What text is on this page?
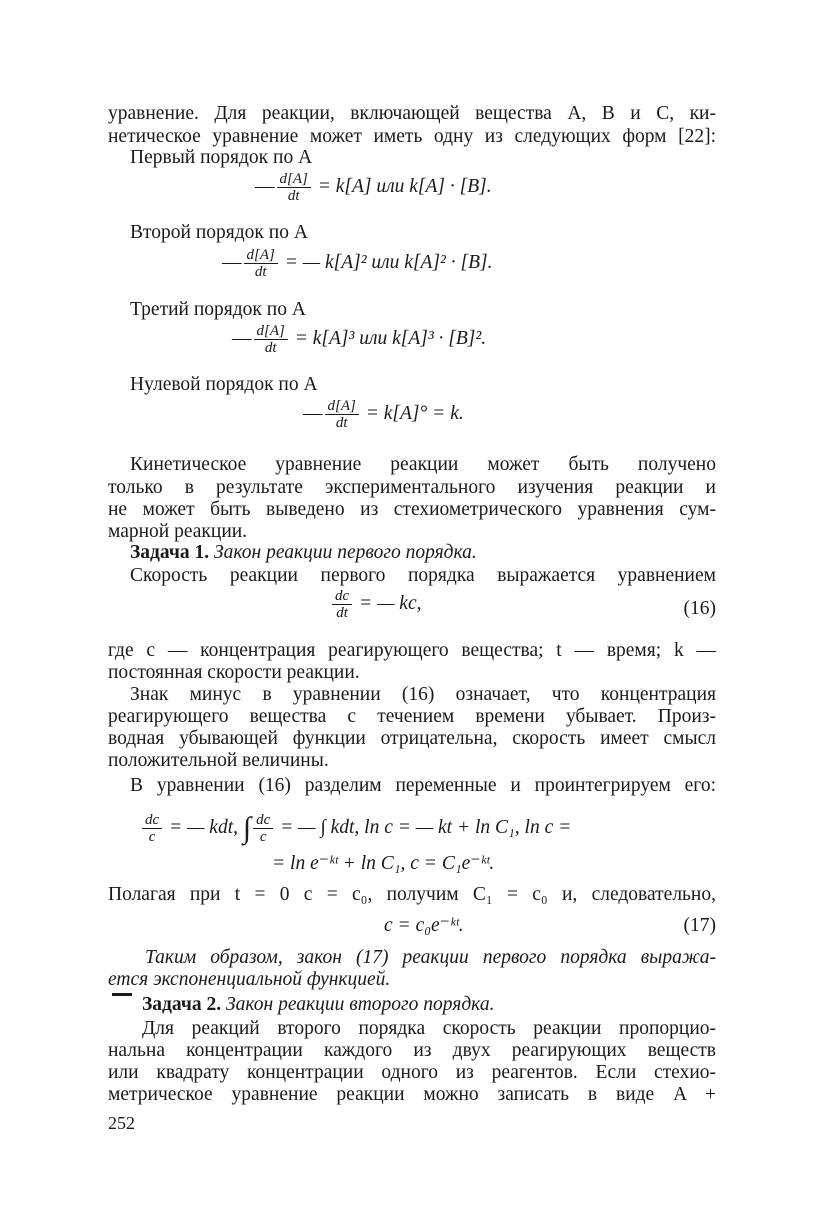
уравнение. Для реакции, включающей вещества A, B и C, ки-
нетическое уравнение может иметь одну из следующих форм [22]:
Первый порядок по A
— $\frac{d[A]}{dt} = k[A]$ или k[A] · [B].
Второй порядок по A
— $\frac{d[A]}{dt}$ = — k[A]² или k[A]² · [B].
Третий порядок по A
— $\frac{d[A]}{dt} = k[A]^3$ или k[A]³ · [B]².
Нулевой порядок по A
— $\frac{d[A]}{dt} = k[A]^\circ = k$.
Кинетическое уравнение реакции может быть получено
только в результате экспериментального изучения реакции и
не может быть выведено из стехиометрического уравнения сум-
марной реакции.
Задача 1. Закон реакции первого порядка.
Скорость реакции первого порядка выражается уравнением
$\frac{dc}{dt}$ = — kc,	(16)
где c — концентрация реагирующего вещества; t — время; k —
постоянная скорости реакции.
Знак минус в уравнении (16) означает, что концентрация
реагирующего вещества с течением времени убывает. Произ-
водная убывающей функции отрицательна, скорость имеет смысл
положительной величины.
В уравнении (16) разделим переменные и проинтегрируем его:
$\frac{dc}{c}$ = — kdt, ∫ $\frac{dc}{c}$ = — ∫ kdt, ln c = — kt + ln C₁, ln c =
= ln e⁻ᵏᵗ + ln C₁, c = C₁e⁻ᵏᵗ.
Полагая при t = 0 c = c₀, получим C₁ = c₀ и, следовательно,
c = c₀e⁻ᵏᵗ.	(17)
Таким образом, закон (17) реакции первого порядка выража-
ется экспоненциальной функцией.
Задача 2. Закон реакции второго порядка.
Для реакций второго порядка скорость реакции пропорцио-
нальна концентрации каждого из двух реагирующих веществ
или квадрату концентрации одного из реагентов. Если стехио-
метрическое уравнение реакции можно записать в виде A +
252
